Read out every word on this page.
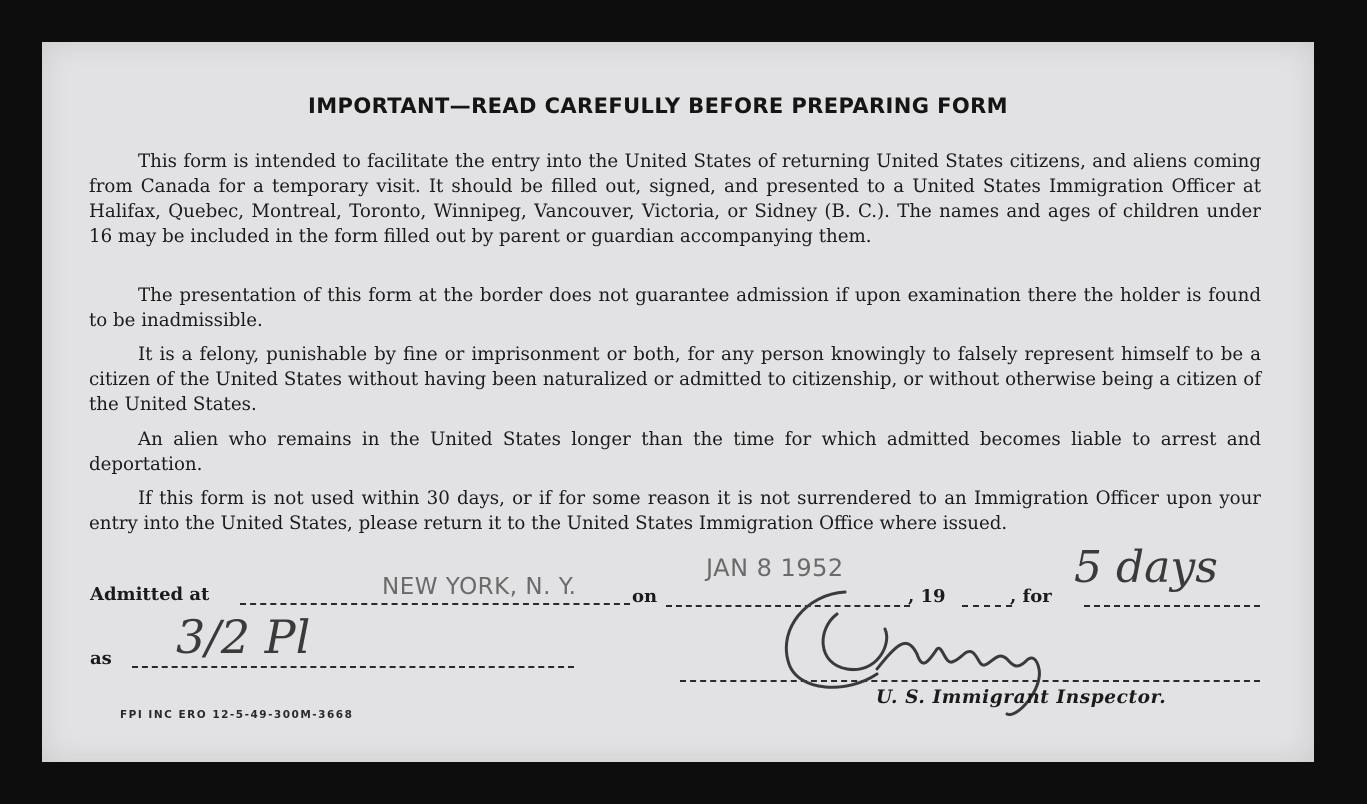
IMPORTANT—READ CAREFULLY BEFORE PREPARING FORM
This form is intended to facilitate the entry into the United States of returning United States citizens, and aliens coming from Canada for a temporary visit. It should be filled out, signed, and presented to a United States Immigration Officer at Halifax, Quebec, Montreal, Toronto, Winnipeg, Vancouver, Victoria, or Sidney (B. C.). The names and ages of children under 16 may be included in the form filled out by parent or guardian accompanying them.
The presentation of this form at the border does not guarantee admission if upon examination there the holder is found to be inadmissible.
It is a felony, punishable by fine or imprisonment or both, for any person knowingly to falsely represent himself to be a citizen of the United States without having been naturalized or admitted to citizenship, or without otherwise being a citizen of the United States.
An alien who remains in the United States longer than the time for which admitted becomes liable to arrest and deportation.
If this form is not used within 30 days, or if for some reason it is not surrendered to an Immigration Officer upon your entry into the United States, please return it to the United States Immigration Office where issued.
Admitted at	NEW YORK, N. Y.	on
JAN 8 1952
, 19	, for
5 days
as 3/2 Pl
U. S. Immigrant Inspector.
FPI INC ERO 12-5-49-300M-3668
